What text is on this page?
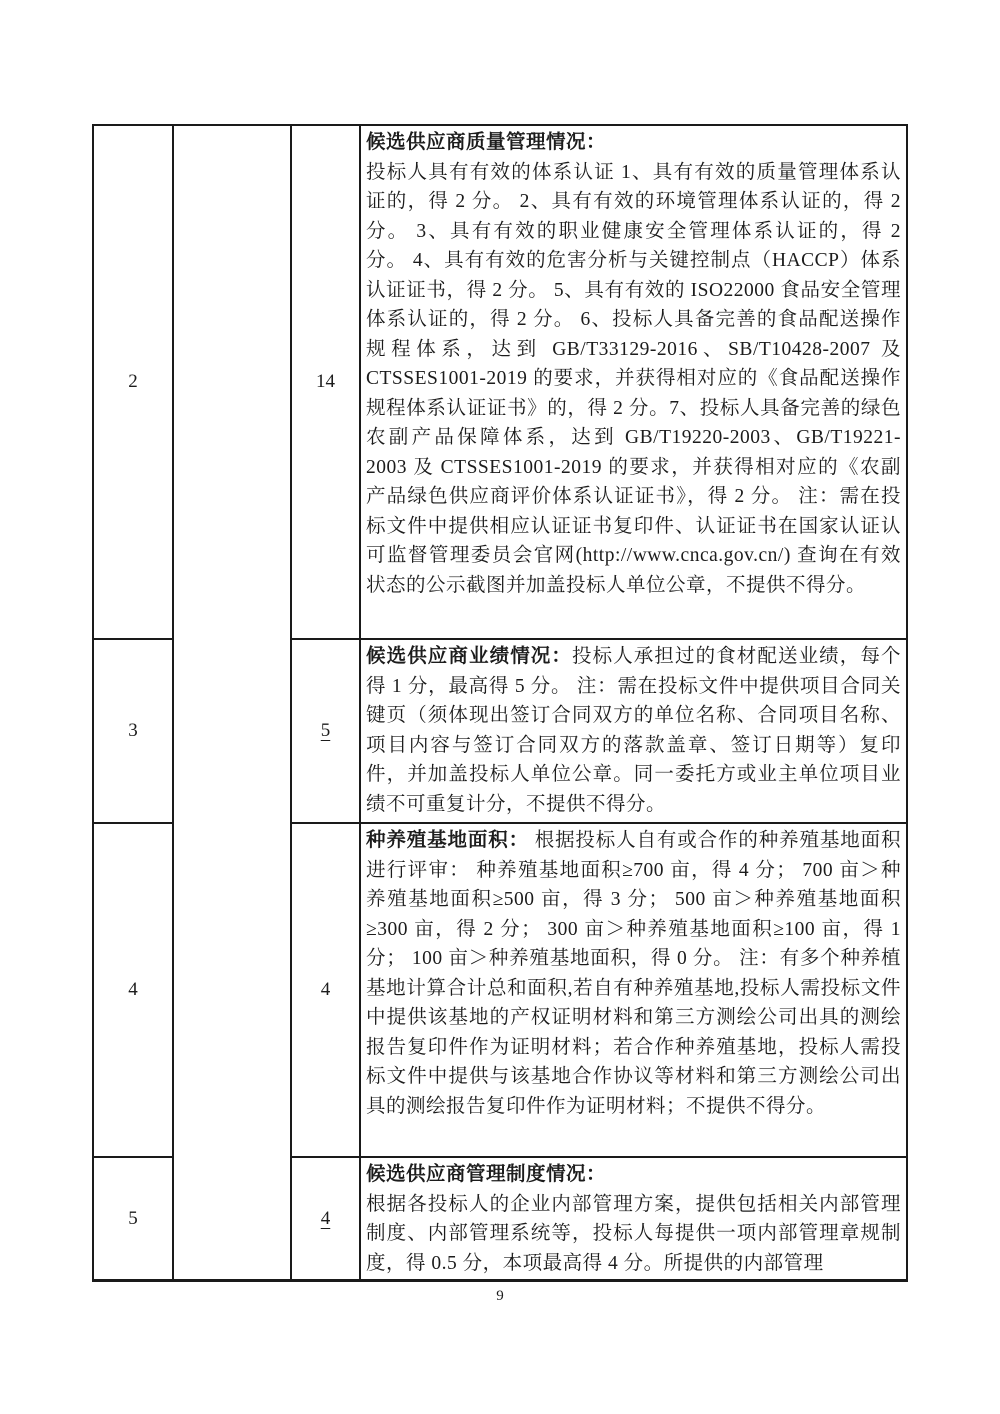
2	14
候选供应商质量管理情况：
投标人具有有效的体系认证 1、具有有效的质量管理体系认证的，得 2 分。 2、具有有效的环境管理体系认证的，得 2 分。 3、具有有效的职业健康安全管理体系认证的，得 2 分。 4、具有有效的危害分析与关键控制点（HACCP）体系认证证书，得 2 分。 5、具有有效的 ISO22000 食品安全管理体系认证的，得 2 分。 6、投标人具备完善的食品配送操作规程体系，达到 GB/T33129-2016、SB/T10428-2007 及 CTSSES1001-2019 的要求，并获得相对应的《食品配送操作规程体系认证证书》的，得 2 分。7、投标人具备完善的绿色农副产品保障体系，达到 GB/T19220-2003、GB/T19221-2003 及 CTSSES1001-2019 的要求，并获得相对应的《农副产品绿色供应商评价体系认证证书》，得 2 分。 注：需在投标文件中提供相应认证证书复印件、认证证书在国家认证认可监督管理委员会官网(http://www.cnca.gov.cn/) 查询在有效状态的公示截图并加盖投标人单位公章，不提供不得分。
3	5
候选供应商业绩情况：投标人承担过的食材配送业绩，每个得 1 分，最高得 5 分。 注：需在投标文件中提供项目合同关键页（须体现出签订合同双方的单位名称、合同项目名称、项目内容与签订合同双方的落款盖章、签订日期等）复印件，并加盖投标人单位公章。同一委托方或业主单位项目业绩不可重复计分，不提供不得分。
4	4
种养殖基地面积： 根据投标人自有或合作的种养殖基地面积进行评审： 种养殖基地面积≥700 亩，得 4 分； 700 亩＞种养殖基地面积≥500 亩，得 3 分； 500 亩＞种养殖基地面积≥300 亩，得 2 分； 300 亩＞种养殖基地面积≥100 亩，得 1 分； 100 亩＞种养殖基地面积，得 0 分。 注：有多个种养植基地计算合计总和面积,若自有种养殖基地,投标人需投标文件中提供该基地的产权证明材料和第三方测绘公司出具的测绘报告复印件作为证明材料；若合作种养殖基地，投标人需投标文件中提供与该基地合作协议等材料和第三方测绘公司出具的测绘报告复印件作为证明材料；不提供不得分。
5	4
候选供应商管理制度情况：
根据各投标人的企业内部管理方案，提供包括相关内部管理制度、内部管理系统等，投标人每提供一项内部管理章规制度，得 0.5 分，本项最高得 4 分。所提供的内部管理
9
